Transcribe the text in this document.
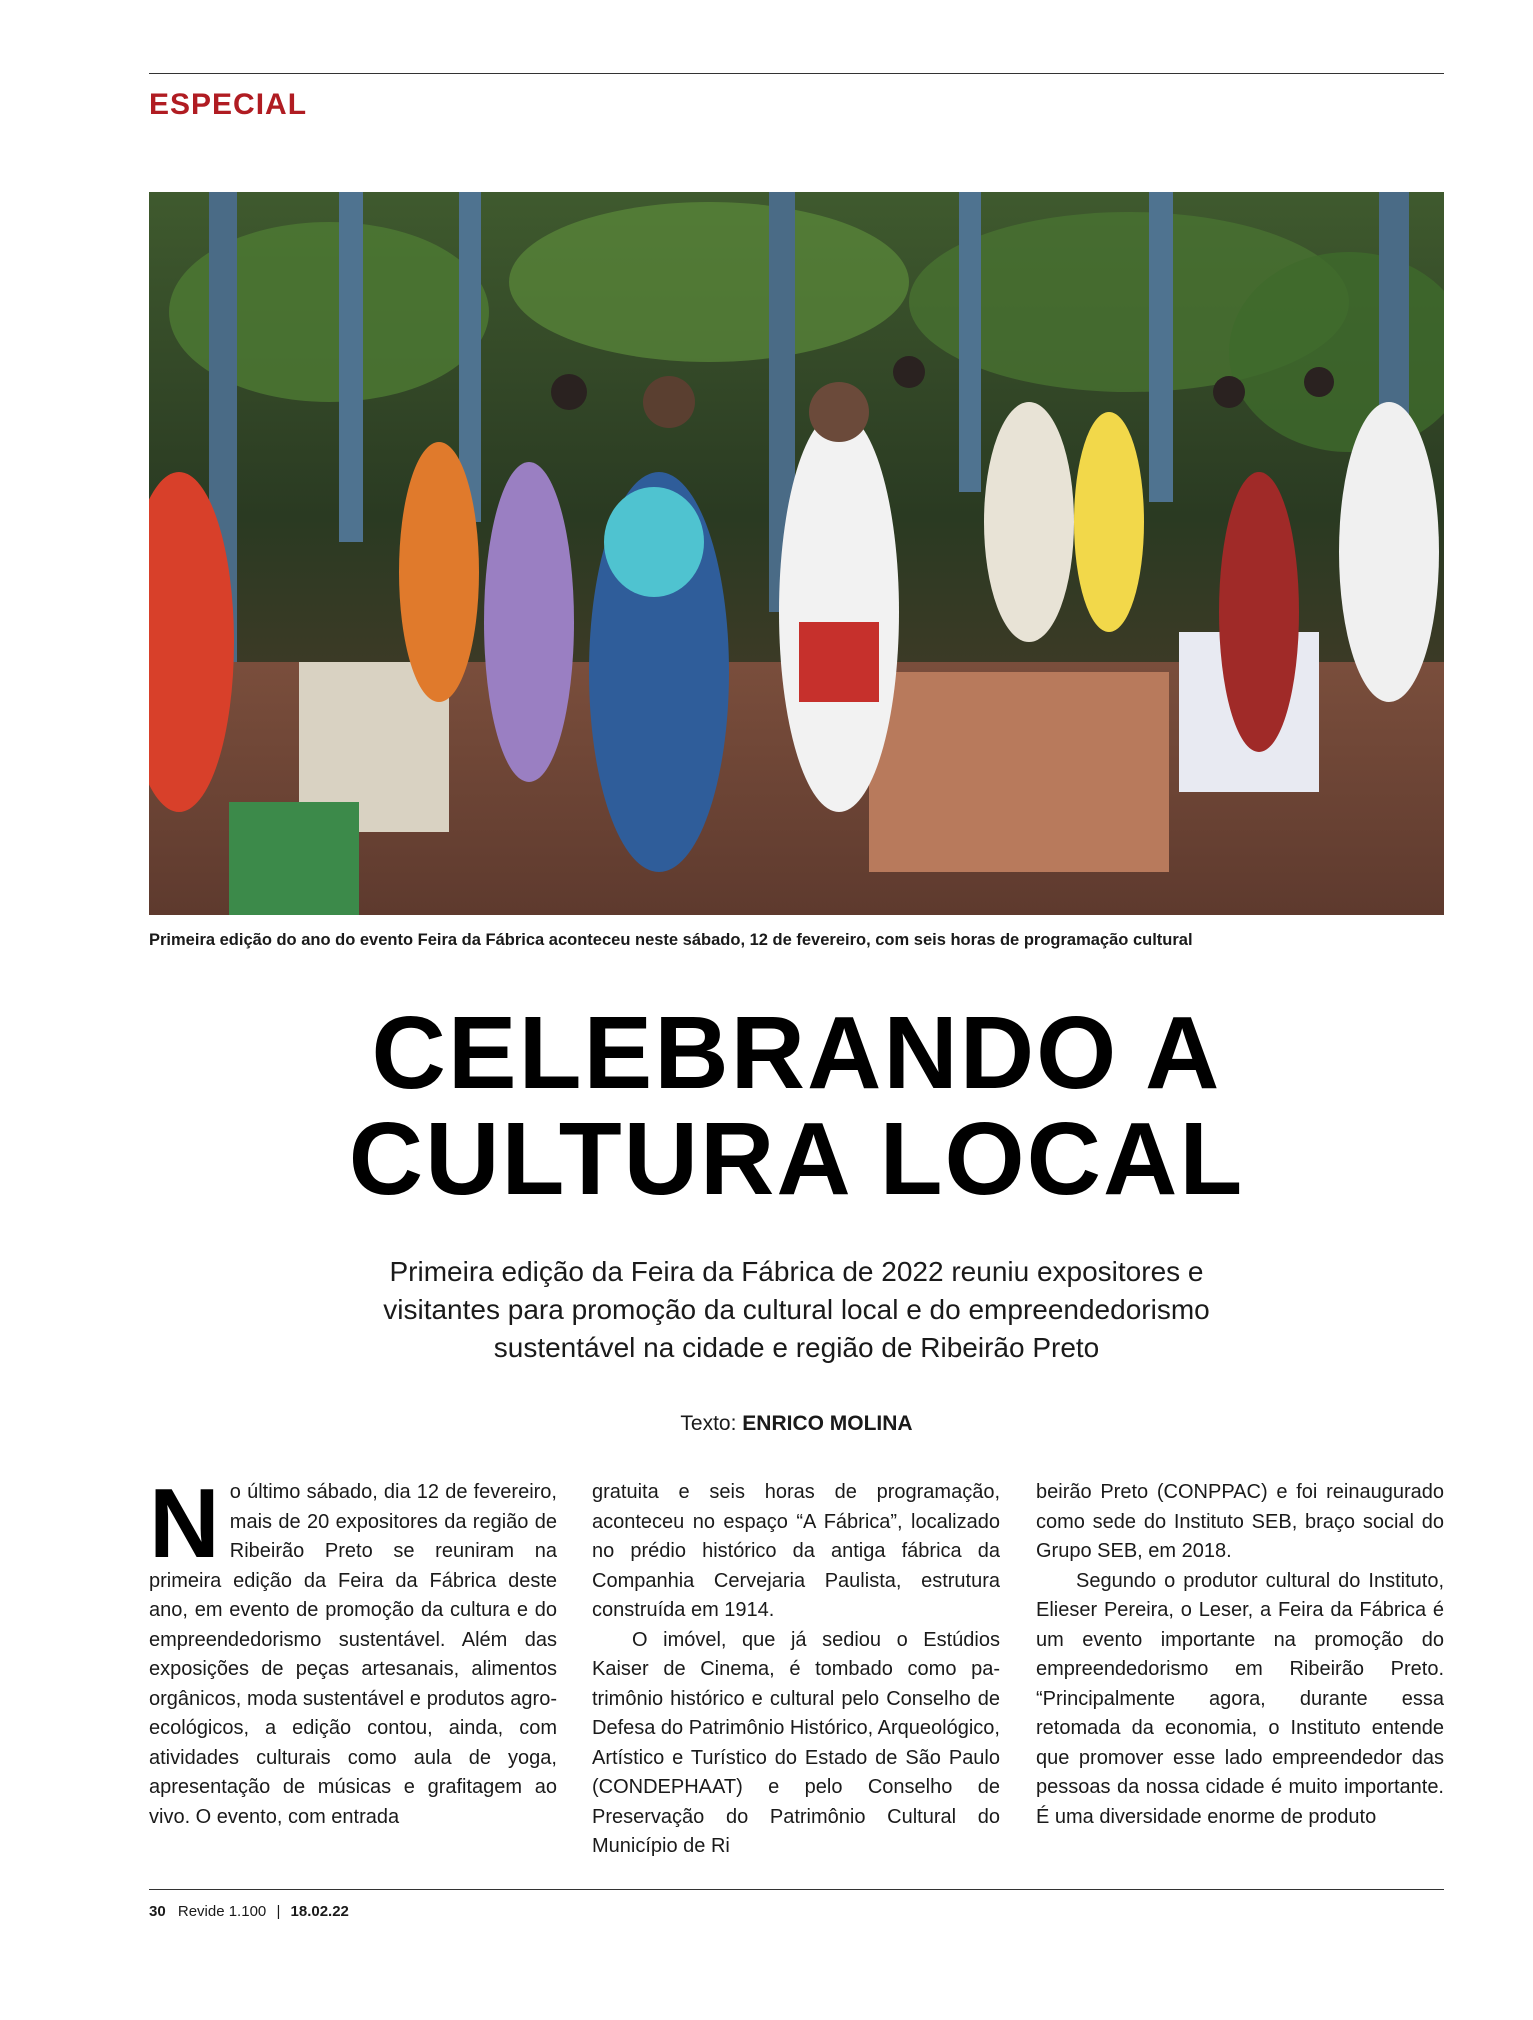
ESPECIAL
Primeira edição do ano do evento Feira da Fábrica aconteceu neste sábado, 12 de fevereiro, com seis horas de programação cultural
CELEBRANDO A
CULTURA LOCAL
Primeira edição da Feira da Fábrica de 2022 reuniu expositores e
visitantes para promoção da cultural local e do empreendedorismo
sustentável na cidade e região de Ribeirão Preto
Texto: ENRICO MOLINA

N o último sábado, dia 12 de fevereiro, mais de 20 expositores da região de Ribeirão Preto se reuniram na primeira edição da Feira da Fábrica deste ano, em evento de promoção da cultura e do empreendedorismo sustentável. Além das exposições de peças artesanais, alimentos orgânicos, moda sustentável e produtos agroecológicos, a edição contou, ainda, com atividades culturais como aula de yoga, apresentação de músicas e grafitagem ao vivo. O evento, com entrada

gratuita e seis horas de programação, aconteceu no espaço “A Fábrica”, localizado no prédio histórico da antiga fábrica da Companhia Cervejaria Paulista, estrutura construída em 1914.

O imóvel, que já sediou o Estúdios Kaiser de Cinema, é tombado como patrimônio histórico e cultural pelo Conselho de Defesa do Patrimônio Histórico, Arqueológico, Artístico e Turístico do Estado de São Paulo (CONDEPHAAT) e pelo Conselho de Preservação do Patrimônio Cultural do Município de Ri

beirão Preto (CONPPAC) e foi reinaugurado como sede do Instituto SEB, braço social do Grupo SEB, em 2018.

Segundo o produtor cultural do Instituto, Elieser Pereira, o Leser, a Feira da Fábrica é um evento importante na promoção do empreendedorismo em Ribeirão Preto. “Principalmente agora, durante essa retomada da economia, o Instituto entende que promover esse lado empreendedor das pessoas da nossa cidade é muito importante. É uma diversidade enorme de produto

30 Revide 1.100 | 18.02.22
